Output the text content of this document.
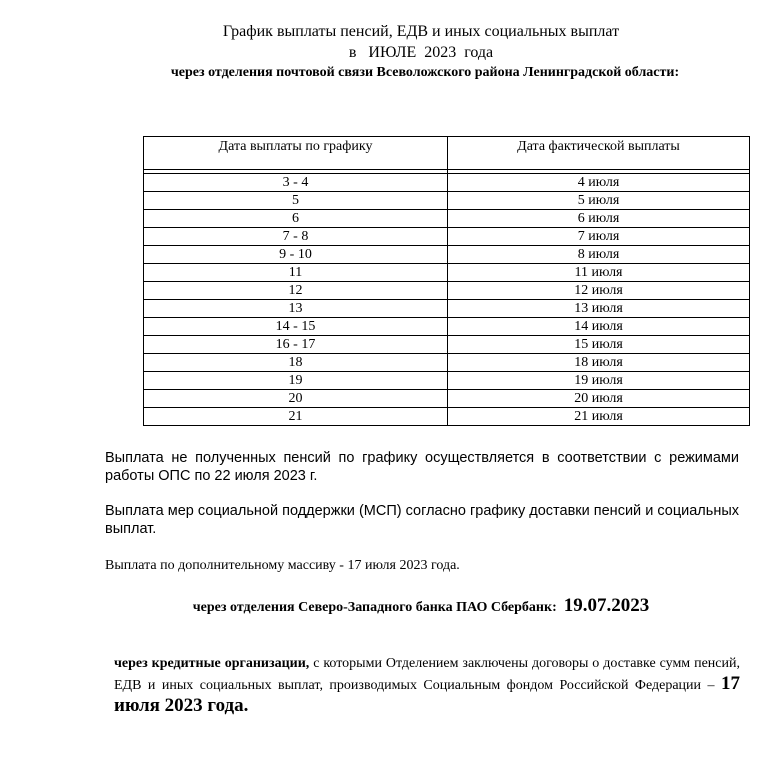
График выплаты пенсий, ЕДВ и иных социальных выплат
в   ИЮЛЕ  2023  года
через отделения почтовой связи Всеволожского района Ленинградской области:
Дата выплаты по графику	Дата фактической выплаты

3 - 4	4 июля
5	5 июля
6	6 июля
7 - 8	7 июля
9 - 10	8 июля
11	11 июля
12	12 июля
13	13 июля
14 - 15	14 июля
16 - 17	15 июля
18	18 июля
19	19 июля
20	20 июля
21	21 июля
Выплата не полученных пенсий по графику осуществляется в соответствии с режимами работы ОПС по 22 июля 2023 г.
Выплата мер социальной поддержки (МСП) согласно графику доставки пенсий и социальных выплат.
Выплата по дополнительному массиву - 17 июля 2023 года.
через отделения Северо-Западного банка ПАО Сбербанк: 19.07.2023
через кредитные организации, с которыми Отделением заключены договоры о доставке сумм пенсий, ЕДВ и иных социальных выплат, производимых Социальным фондом Российской Федерации – 17 июля 2023 года.
